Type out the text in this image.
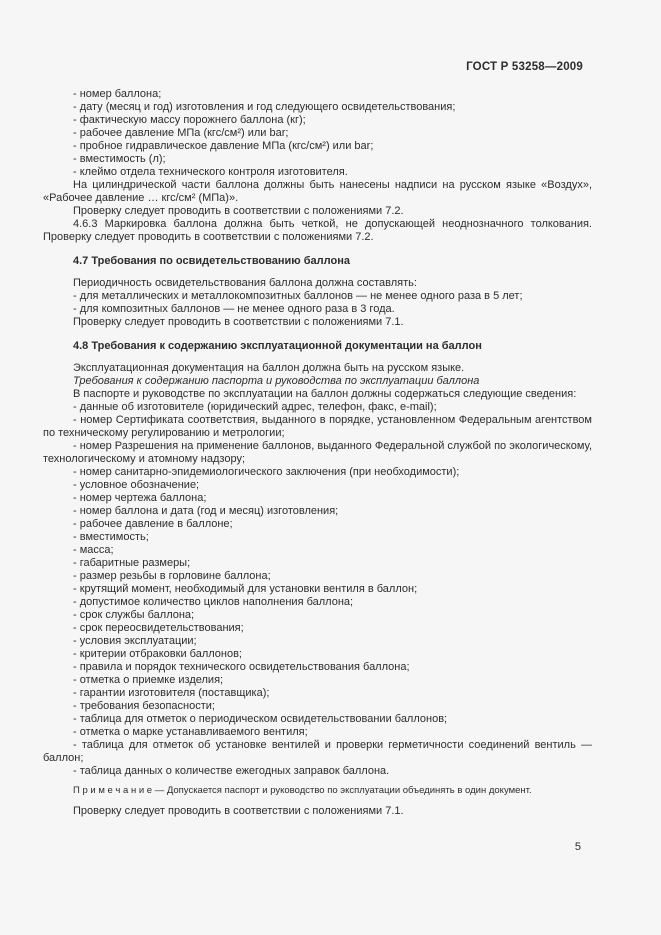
ГОСТ Р 53258—2009
- номер баллона;
- дату (месяц и год) изготовления и год следующего освидетельствования;
- фактическую массу порожнего баллона (кг);
- рабочее давление МПа (кгс/см²) или bar;
- пробное гидравлическое давление МПа (кгс/см²) или bar;
- вместимость (л);
- клеймо отдела технического контроля изготовителя.
На цилиндрической части баллона должны быть нанесены надписи на русском языке «Воздух», «Рабочее давление … кгс/см² (МПа)».
Проверку следует проводить в соответствии с положениями 7.2.
4.6.3 Маркировка баллона должна быть четкой, не допускающей неоднозначного толкования. Проверку следует проводить в соответствии с положениями 7.2.
4.7 Требования по освидетельствованию баллона
Периодичность освидетельствования баллона должна составлять:
- для металлических и металлокомпозитных баллонов — не менее одного раза в 5 лет;
- для композитных баллонов — не менее одного раза в 3 года.
Проверку следует проводить в соответствии с положениями 7.1.
4.8 Требования к содержанию эксплуатационной документации на баллон
Эксплуатационная документация на баллон должна быть на русском языке.
Требования к содержанию паспорта и руководства по эксплуатации баллона
В паспорте и руководстве по эксплуатации на баллон должны содержаться следующие сведения:
- данные об изготовителе (юридический адрес, телефон, факс, e-mail);
- номер Сертификата соответствия, выданного в порядке, установленном Федеральным агентством по техническому регулированию и метрологии;
- номер Разрешения на применение баллонов, выданного Федеральной службой по экологическому, технологическому и атомному надзору;
- номер санитарно-эпидемиологического заключения (при необходимости);
- условное обозначение;
- номер чертежа баллона;
- номер баллона и дата (год и месяц) изготовления;
- рабочее давление в баллоне;
- вместимость;
- масса;
- габаритные размеры;
- размер резьбы в горловине баллона;
- крутящий момент, необходимый для установки вентиля в баллон;
- допустимое количество циклов наполнения баллона;
- срок службы баллона;
- срок переосвидетельствования;
- условия эксплуатации;
- критерии отбраковки баллонов;
- правила и порядок технического освидетельствования баллона;
- отметка о приемке изделия;
- гарантии изготовителя (поставщика);
- требования безопасности;
- таблица для отметок о периодическом освидетельствовании баллонов;
- отметка о марке устанавливаемого вентиля;
- таблица для отметок об установке вентилей и проверки герметичности соединений вентиль — баллон;
- таблица данных о количестве ежегодных заправок баллона.
П р и м е ч а н и е — Допускается паспорт и руководство по эксплуатации объединять в один документ.
Проверку следует проводить в соответствии с положениями 7.1.
5
